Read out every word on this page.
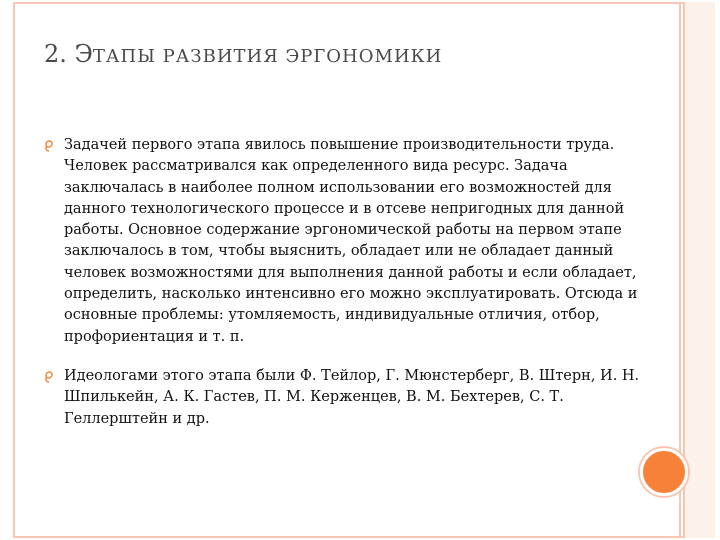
2. ЭТАПЫ РАЗВИТИЯ ЭРГОНОМИКИ
Задачей первого этапа явилось повышение производительности труда. Человек рассматривался как определенного вида ресурс. Задача заключалась в наиболее полном использовании его возможностей для данного технологического процессе и в отсеве непригодных для данной работы. Основное содержание эргономической работы на первом этапе заключалось в том, чтобы выяснить, обладает или не обладает данный человек возможностями для выполнения данной работы и если обладает, определить, насколько интенсивно его можно эксплуатировать. Отсюда и основные проблемы: утомляемость, индивидуальные отличия, отбор, профориентация и т. п.
Идеологами этого этапа были Ф. Тейлор, Г. Мюнстерберг, В. Штерн, И. Н. Шпилькейн, А. К. Гастев, П. М. Керженцев, В. М. Бехтерев, С. Т. Геллерштейн и др.
